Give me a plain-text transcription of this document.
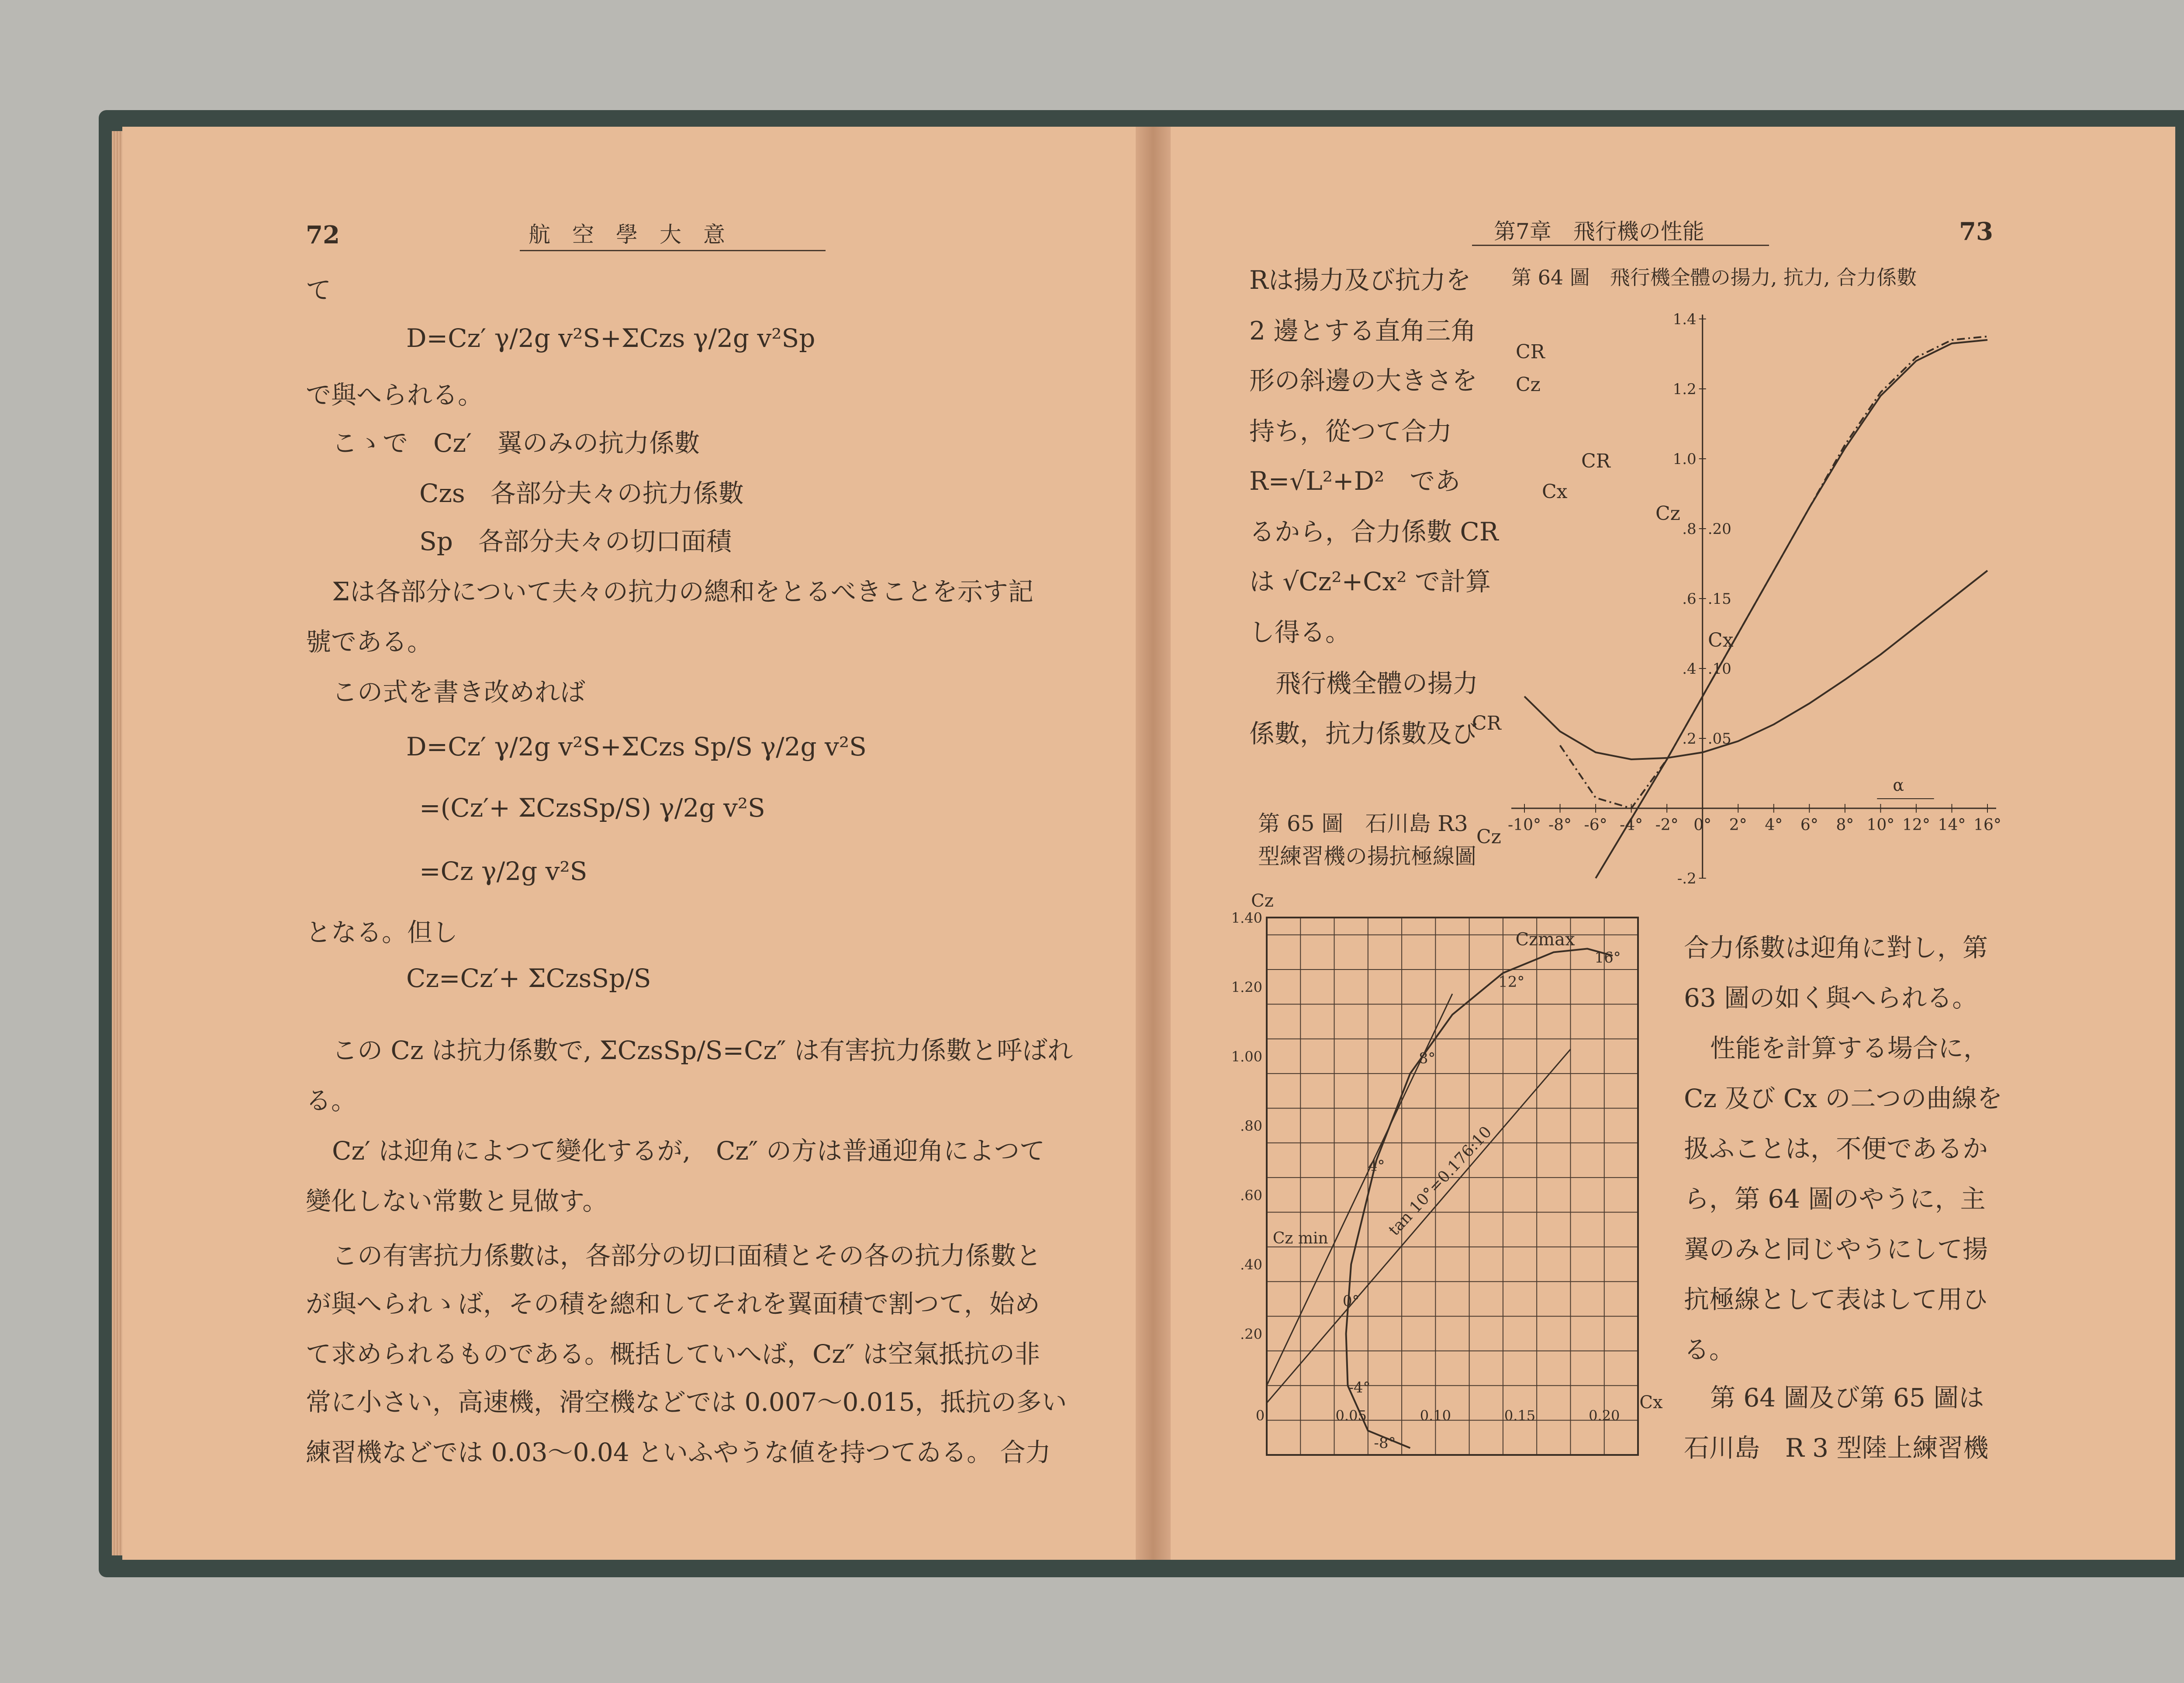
72	航　空　學　大　意
て
D=Cz′ γ/2g v²S+ΣCzs γ/2g v²Sp
で與へられる。
こゝで　Cz′　翼のみの抗力係數
Czs　各部分夫々の抗力係數
Sp　各部分夫々の切口面積
Σは各部分について夫々の抗力の總和をとるべきことを示す記
號である。
この式を書き改めれば
D=Cz′ γ/2g v²S+ΣCzs Sp/S γ/2g v²S
=(Cz′+ ΣCzsSp/S) γ/2g v²S
=Cz γ/2g v²S
となる。但し
Cz=Cz′+ ΣCzsSp/S
この Cz は抗力係數で, ΣCzsSp/S=Cz″ は有害抗力係數と呼ばれ
る。
Cz′ は迎角によつて變化するが,　Cz″ の方は普通迎角によつて
變化しない常數と見做す。
この有害抗力係數は，各部分の切口面積とその各の抗力係數と
が與へられゝば，その積を總和してそれを翼面積で割つて，始め
て求められるものである。概括していへば，Cz″ は空氣抵抗の非
常に小さい，高速機，滑空機などでは 0.007～0.015，抵抗の多い
練習機などでは 0.03～0.04 といふやうな値を持つてゐる。 合力
第7章　飛行機の性能	73
Rは揚力及び抗力を
2 邊とする直角三角
形の斜邊の大きさを
持ち，從つて合力
R=√L²+D²　であ
るから，合力係數 CR
は √Cz²+Cx² で計算
し得る。
飛行機全體の揚力
係數，抗力係數及び
第 64 圖　飛行機全體の揚力, 抗力, 合力係數
第 65 圖　石川島 R3
型練習機の揚抗極線圖
合力係數は迎角に對し，第
63 圖の如く與へられる。
性能を計算する場合に，
Cz 及び Cx の二つの曲線を
扱ふことは，不便であるか
ら，第 64 圖のやうに，主
翼のみと同じやうにして揚
抗極線として表はして用ひ
る。
第 64 圖及び第 65 圖は
石川島　R 3 型陸上練習機
-10° -8° -6° -4° -2° 0° 2° 4° 6° 8° 10° 12° 14° 16°
1.4
1.2
1.0
.8
.6
.4
.2
-.2
.20
.15
.10
.05
α
CR
Cz
Cx
CR
Cz
CR
Cx
Cz
Cz
1.40
1.20
1.00
.80
.60
.40
.20
0	0.05	0.10	0.15	0.20
Cx
-8°
-4°
0°
4°
8°
12°
16°
Czmax
Cz min	tan 10°=0.176:10
